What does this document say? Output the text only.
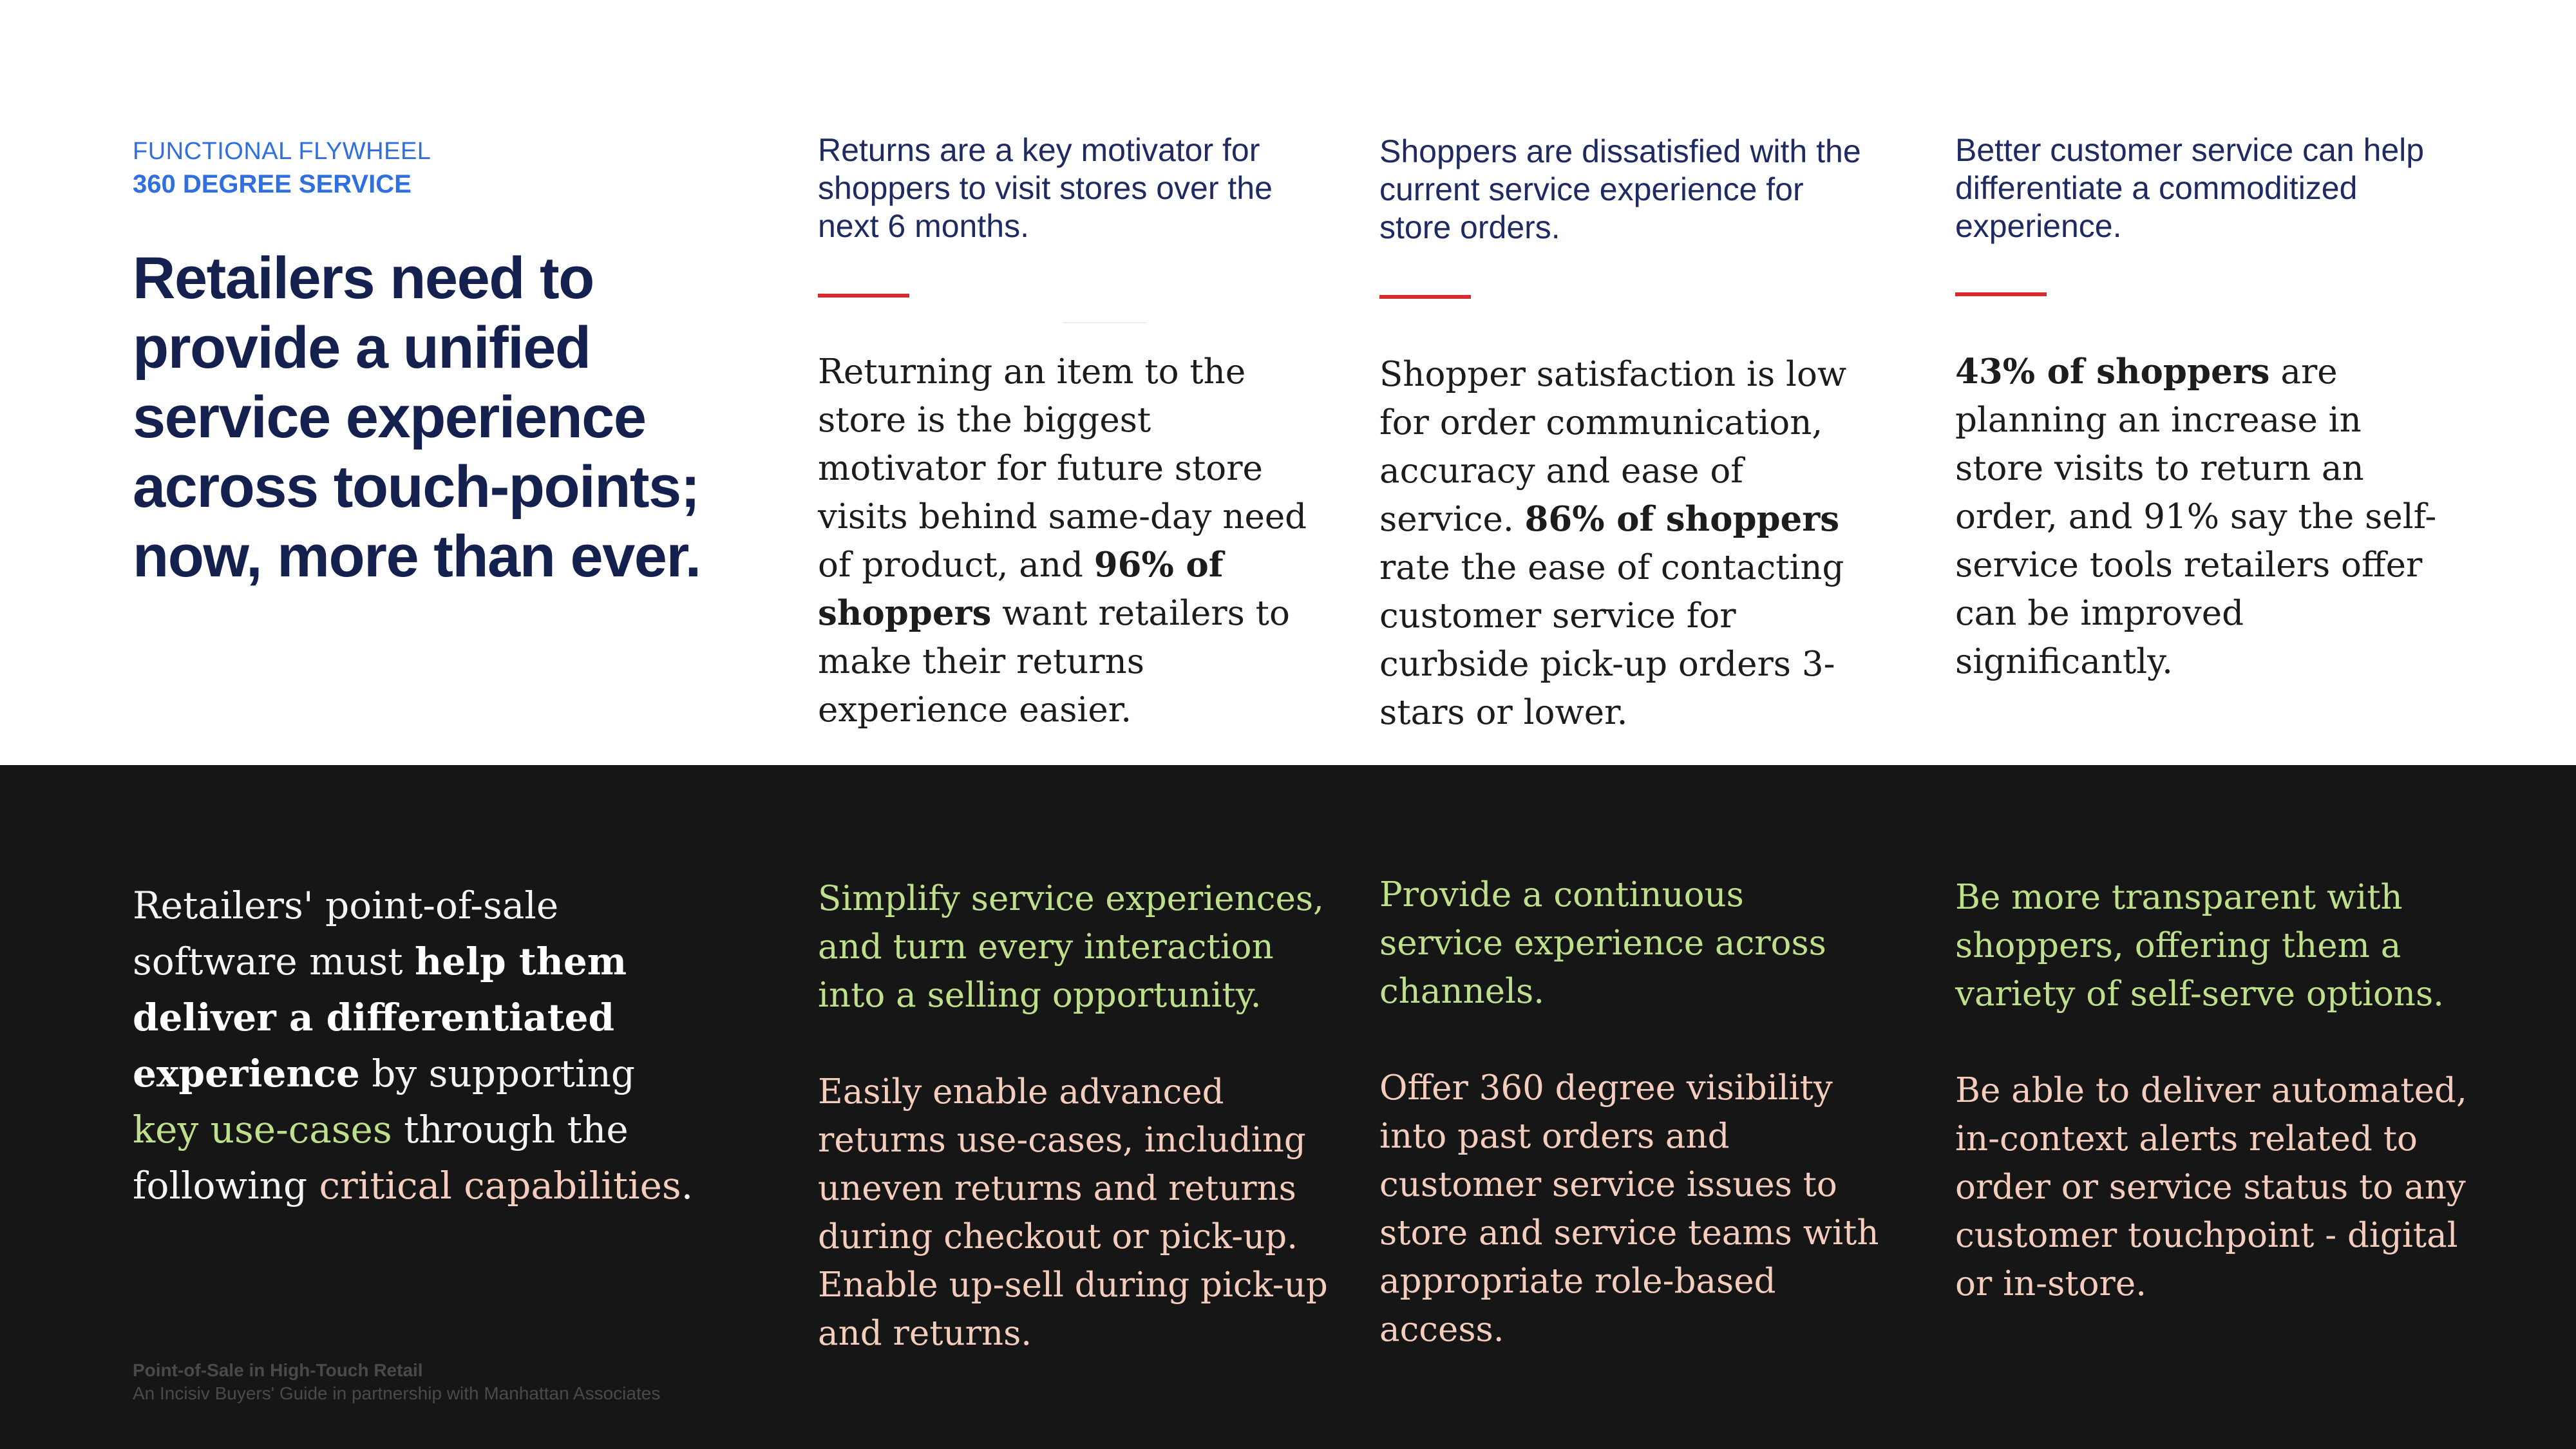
FUNCTIONAL FLYWHEEL
360 DEGREE SERVICE
Retailers need to provide a unified service experience across touch-points; now, more than ever.
Returns are a key motivator for shoppers to visit stores over the next 6 months.
Returning an item to the store is the biggest motivator for future store visits behind same-day need of product, and 96% of shoppers want retailers to make their returns experience easier.
Shoppers are dissatisfied with the current service experience for store orders.
Shopper satisfaction is low for order communication, accuracy and ease of service. 86% of shoppers rate the ease of contacting customer service for curbside pick-up orders 3-stars or lower.
Better customer service can help differentiate a commoditized experience.
43% of shoppers are planning an increase in store visits to return an order, and 91% say the self-service tools retailers offer can be improved significantly.
Retailers' point-of-sale software must help them deliver a differentiated experience by supporting key use-cases through the following critical capabilities.
Simplify service experiences, and turn every interaction into a selling opportunity.
Easily enable advanced returns use-cases, including uneven returns and returns during checkout or pick-up. Enable up-sell during pick-up and returns.
Provide a continuous service experience across channels.
Offer 360 degree visibility into past orders and customer service issues to store and service teams with appropriate role-based access.
Be more transparent with shoppers, offering them a variety of self-serve options.
Be able to deliver automated, in-context alerts related to order or service status to any customer touchpoint - digital or in-store.
Point-of-Sale in High-Touch Retail
An Incisiv Buyers' Guide in partnership with Manhattan Associates
